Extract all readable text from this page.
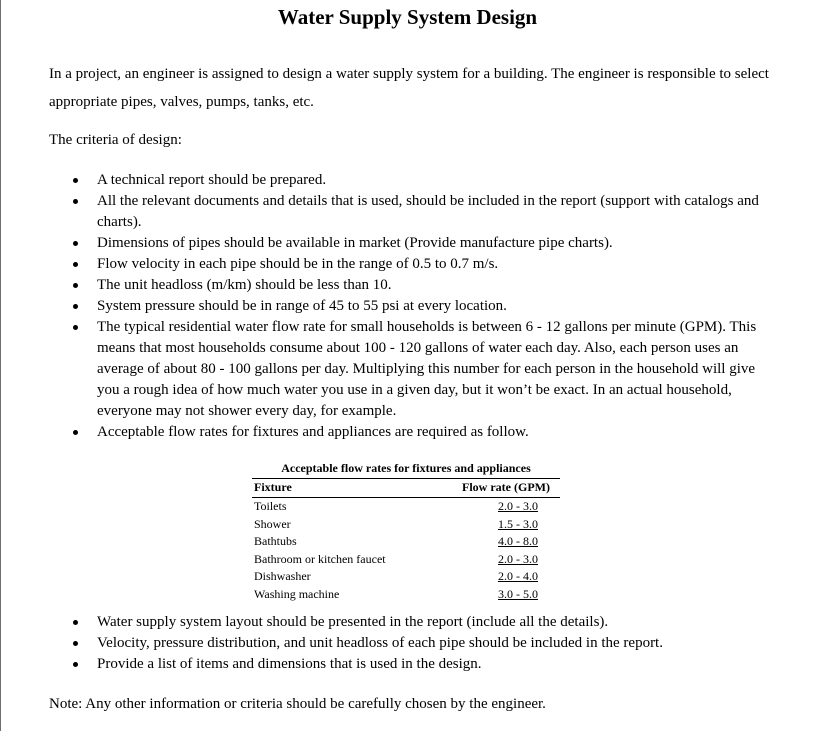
Water Supply System Design

In a project, an engineer is assigned to design a water supply system for a building. The engineer is responsible to select appropriate pipes, valves, pumps, tanks, etc.

The criteria of design:

A technical report should be prepared.
All the relevant documents and details that is used, should be included in the report (support with catalogs and charts).
Dimensions of pipes should be available in market (Provide manufacture pipe charts).
Flow velocity in each pipe should be in the range of 0.5 to 0.7 m/s.
The unit headloss (m/km) should be less than 10.
System pressure should be in range of 45 to 55 psi at every location.
The typical residential water flow rate for small households is between 6 - 12 gallons per minute (GPM). This means that most households consume about 100 - 120 gallons of water each day. Also, each person uses an average of about 80 - 100 gallons per day. Multiplying this number for each person in the household will give you a rough idea of how much water you use in a given day, but it won’t be exact. In an actual household, everyone may not shower every day, for example.
Acceptable flow rates for fixtures and appliances are required as follow.
Acceptable flow rates for fixtures and appliances
Fixture	Flow rate (GPM)
Toilets	2.0 - 3.0
Shower	1.5 - 3.0
Bathtubs	4.0 - 8.0
Bathroom or kitchen faucet	2.0 - 3.0
Dishwasher	2.0 - 4.0
Washing machine	3.0 - 5.0
Water supply system layout should be presented in the report (include all the details).
Velocity, pressure distribution, and unit headloss of each pipe should be included in the report.
Provide a list of items and dimensions that is used in the design.

Note: Any other information or criteria should be carefully chosen by the engineer.
